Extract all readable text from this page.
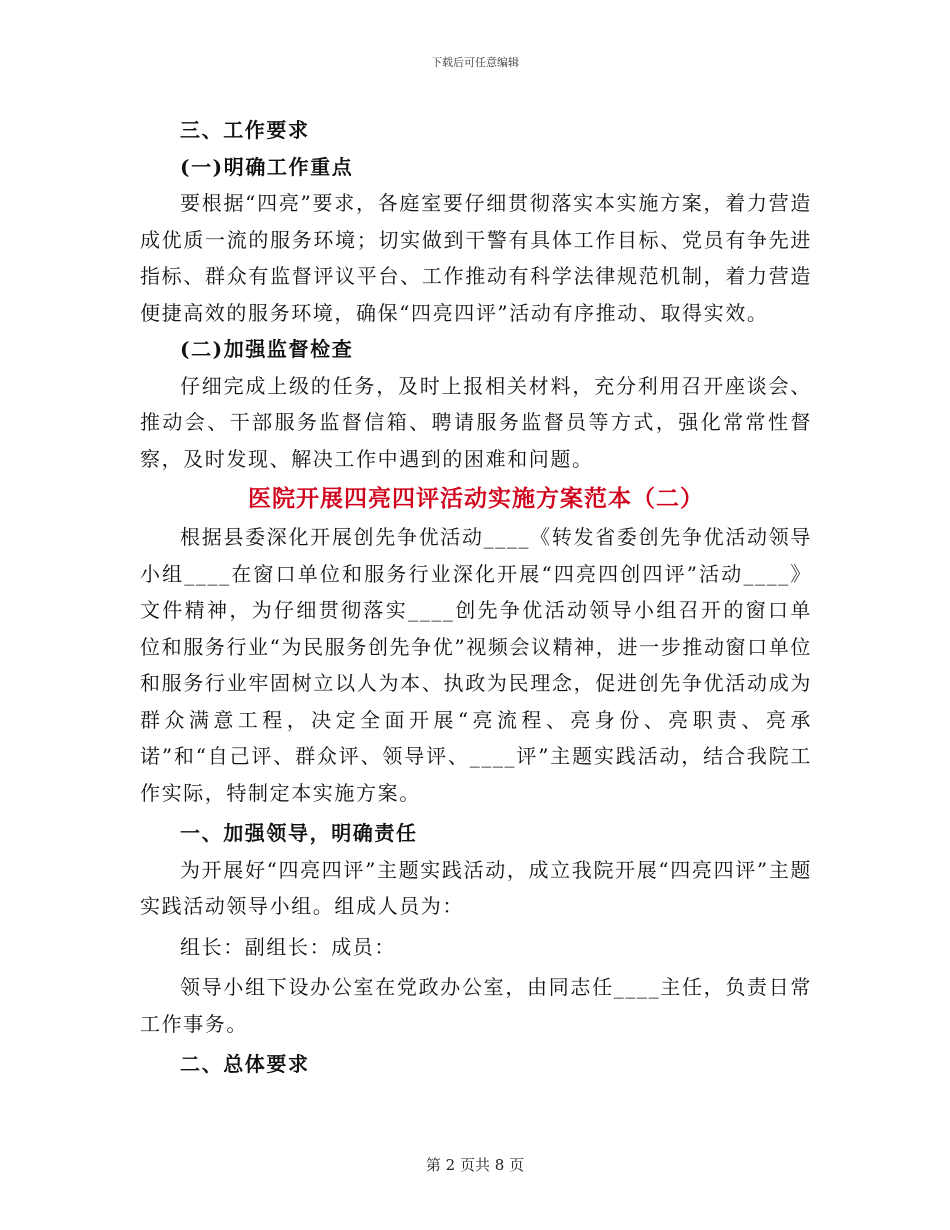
下载后可任意编辑

三、工作要求

(一)明确工作重点

要根据“四亮”要求，各庭室要仔细贯彻落实本实施方案，着力营造成优质一流的服务环境；切实做到干警有具体工作目标、党员有争先进指标、群众有监督评议平台、工作推动有科学法律规范机制，着力营造便捷高效的服务环境，确保“四亮四评”活动有序推动、取得实效。

(二)加强监督检查

仔细完成上级的任务，及时上报相关材料，充分利用召开座谈会、推动会、干部服务监督信箱、聘请服务监督员等方式，强化常常性督察，及时发现、解决工作中遇到的困难和问题。

医院开展四亮四评活动实施方案范本（二）

根据县委深化开展创先争优活动____《转发省委创先争优活动领导小组____在窗口单位和服务行业深化开展“四亮四创四评”活动____》文件精神，为仔细贯彻落实____创先争优活动领导小组召开的窗口单位和服务行业“为民服务创先争优”视频会议精神，进一步推动窗口单位和服务行业牢固树立以人为本、执政为民理念，促进创先争优活动成为群众满意工程，决定全面开展“亮流程、亮身份、亮职责、亮承诺”和“自己评、群众评、领导评、____评”主题实践活动，结合我院工作实际，特制定本实施方案。

一、加强领导，明确责任

为开展好“四亮四评”主题实践活动，成立我院开展“四亮四评”主题实践活动领导小组。组成人员为：

组长：副组长：成员：

领导小组下设办公室在党政办公室，由同志任____主任，负责日常工作事务。

二、总体要求

第 2 页共 8 页
